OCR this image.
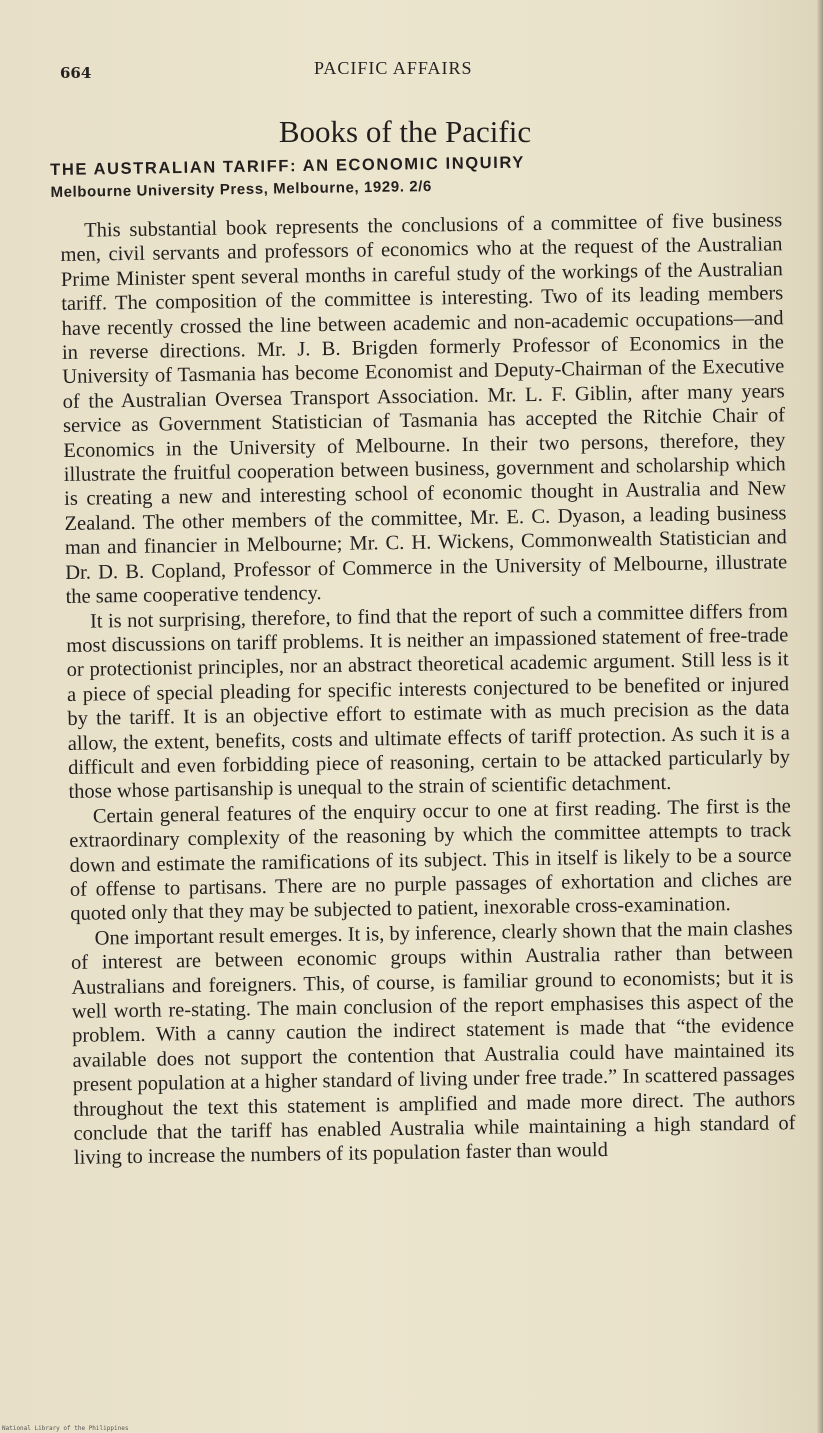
664	PACIFIC AFFAIRS
Books of the Pacific
THE AUSTRALIAN TARIFF: AN ECONOMIC INQUIRY
Melbourne University Press, Melbourne, 1929. 2/6

This substantial book represents the conclusions of a committee of five business men, civil servants and professors of economics who at the request of the Australian Prime Minister spent several months in careful study of the workings of the Australian tariff. The composition of the committee is interesting. Two of its leading members have recently crossed the line between academic and non-academic occupations—and in reverse directions. Mr. J. B. Brigden formerly Professor of Economics in the University of Tasmania has become Economist and Deputy-Chairman of the Executive of the Australian Oversea Transport Association. Mr. L. F. Giblin, after many years service as Government Statistician of Tasmania has accepted the Ritchie Chair of Economics in the University of Melbourne. In their two persons, therefore, they illustrate the fruitful cooperation between business, government and scholarship which is creating a new and interesting school of economic thought in Australia and New Zealand. The other members of the committee, Mr. E. C. Dyason, a leading business man and financier in Melbourne; Mr. C. H. Wickens, Commonwealth Statistician and Dr. D. B. Copland, Professor of Commerce in the University of Melbourne, illustrate the same cooperative tendency.

It is not surprising, therefore, to find that the report of such a committee differs from most discussions on tariff problems. It is neither an impassioned statement of free-trade or protectionist principles, nor an abstract theoretical academic argument. Still less is it a piece of special pleading for specific interests conjectured to be benefited or injured by the tariff. It is an objective effort to estimate with as much precision as the data allow, the extent, benefits, costs and ultimate effects of tariff protection. As such it is a difficult and even forbidding piece of reasoning, certain to be attacked particularly by those whose partisanship is unequal to the strain of scientific detachment.

Certain general features of the enquiry occur to one at first reading. The first is the extraordinary complexity of the reasoning by which the committee attempts to track down and estimate the ramifications of its subject. This in itself is likely to be a source of offense to partisans. There are no purple passages of exhortation and cliches are quoted only that they may be subjected to patient, inexorable cross-examination.

One important result emerges. It is, by inference, clearly shown that the main clashes of interest are between economic groups within Australia rather than between Australians and foreigners. This, of course, is familiar ground to economists; but it is well worth re-stating. The main conclusion of the report emphasises this aspect of the problem. With a canny caution the indirect statement is made that “the evidence available does not support the contention that Australia could have maintained its present population at a higher standard of living under free trade.” In scattered passages throughout the text this statement is amplified and made more direct. The authors conclude that the tariff has enabled Australia while maintaining a high standard of living to increase the numbers of its population faster than would

National Library of the Philippines
